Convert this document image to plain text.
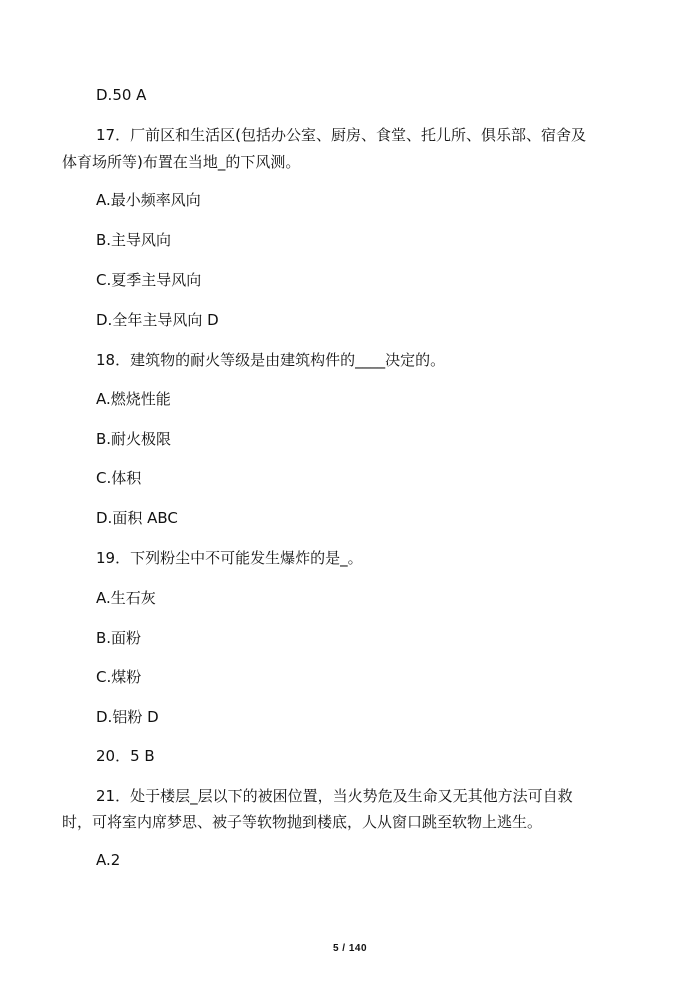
D.50 A
17．厂前区和生活区(包括办公室、厨房、食堂、托儿所、俱乐部、宿舍及
体育场所等)布置在当地_的下风测。
A.最小频率风向
B.主导风向
C.夏季主导风向
D.全年主导风向 D
18．建筑物的耐火等级是由建筑构件的____决定的。
A.燃烧性能
B.耐火极限
C.体积
D.面积 ABC
19．下列粉尘中不可能发生爆炸的是_。
A.生石灰
B.面粉
C.煤粉
D.铝粉 D
20．5 B
21．处于楼层_层以下的被困位置，当火势危及生命又无其他方法可自救
时，可将室内席梦思、被子等软物抛到楼底，人从窗口跳至软物上逃生。
A.2
5 / 140
